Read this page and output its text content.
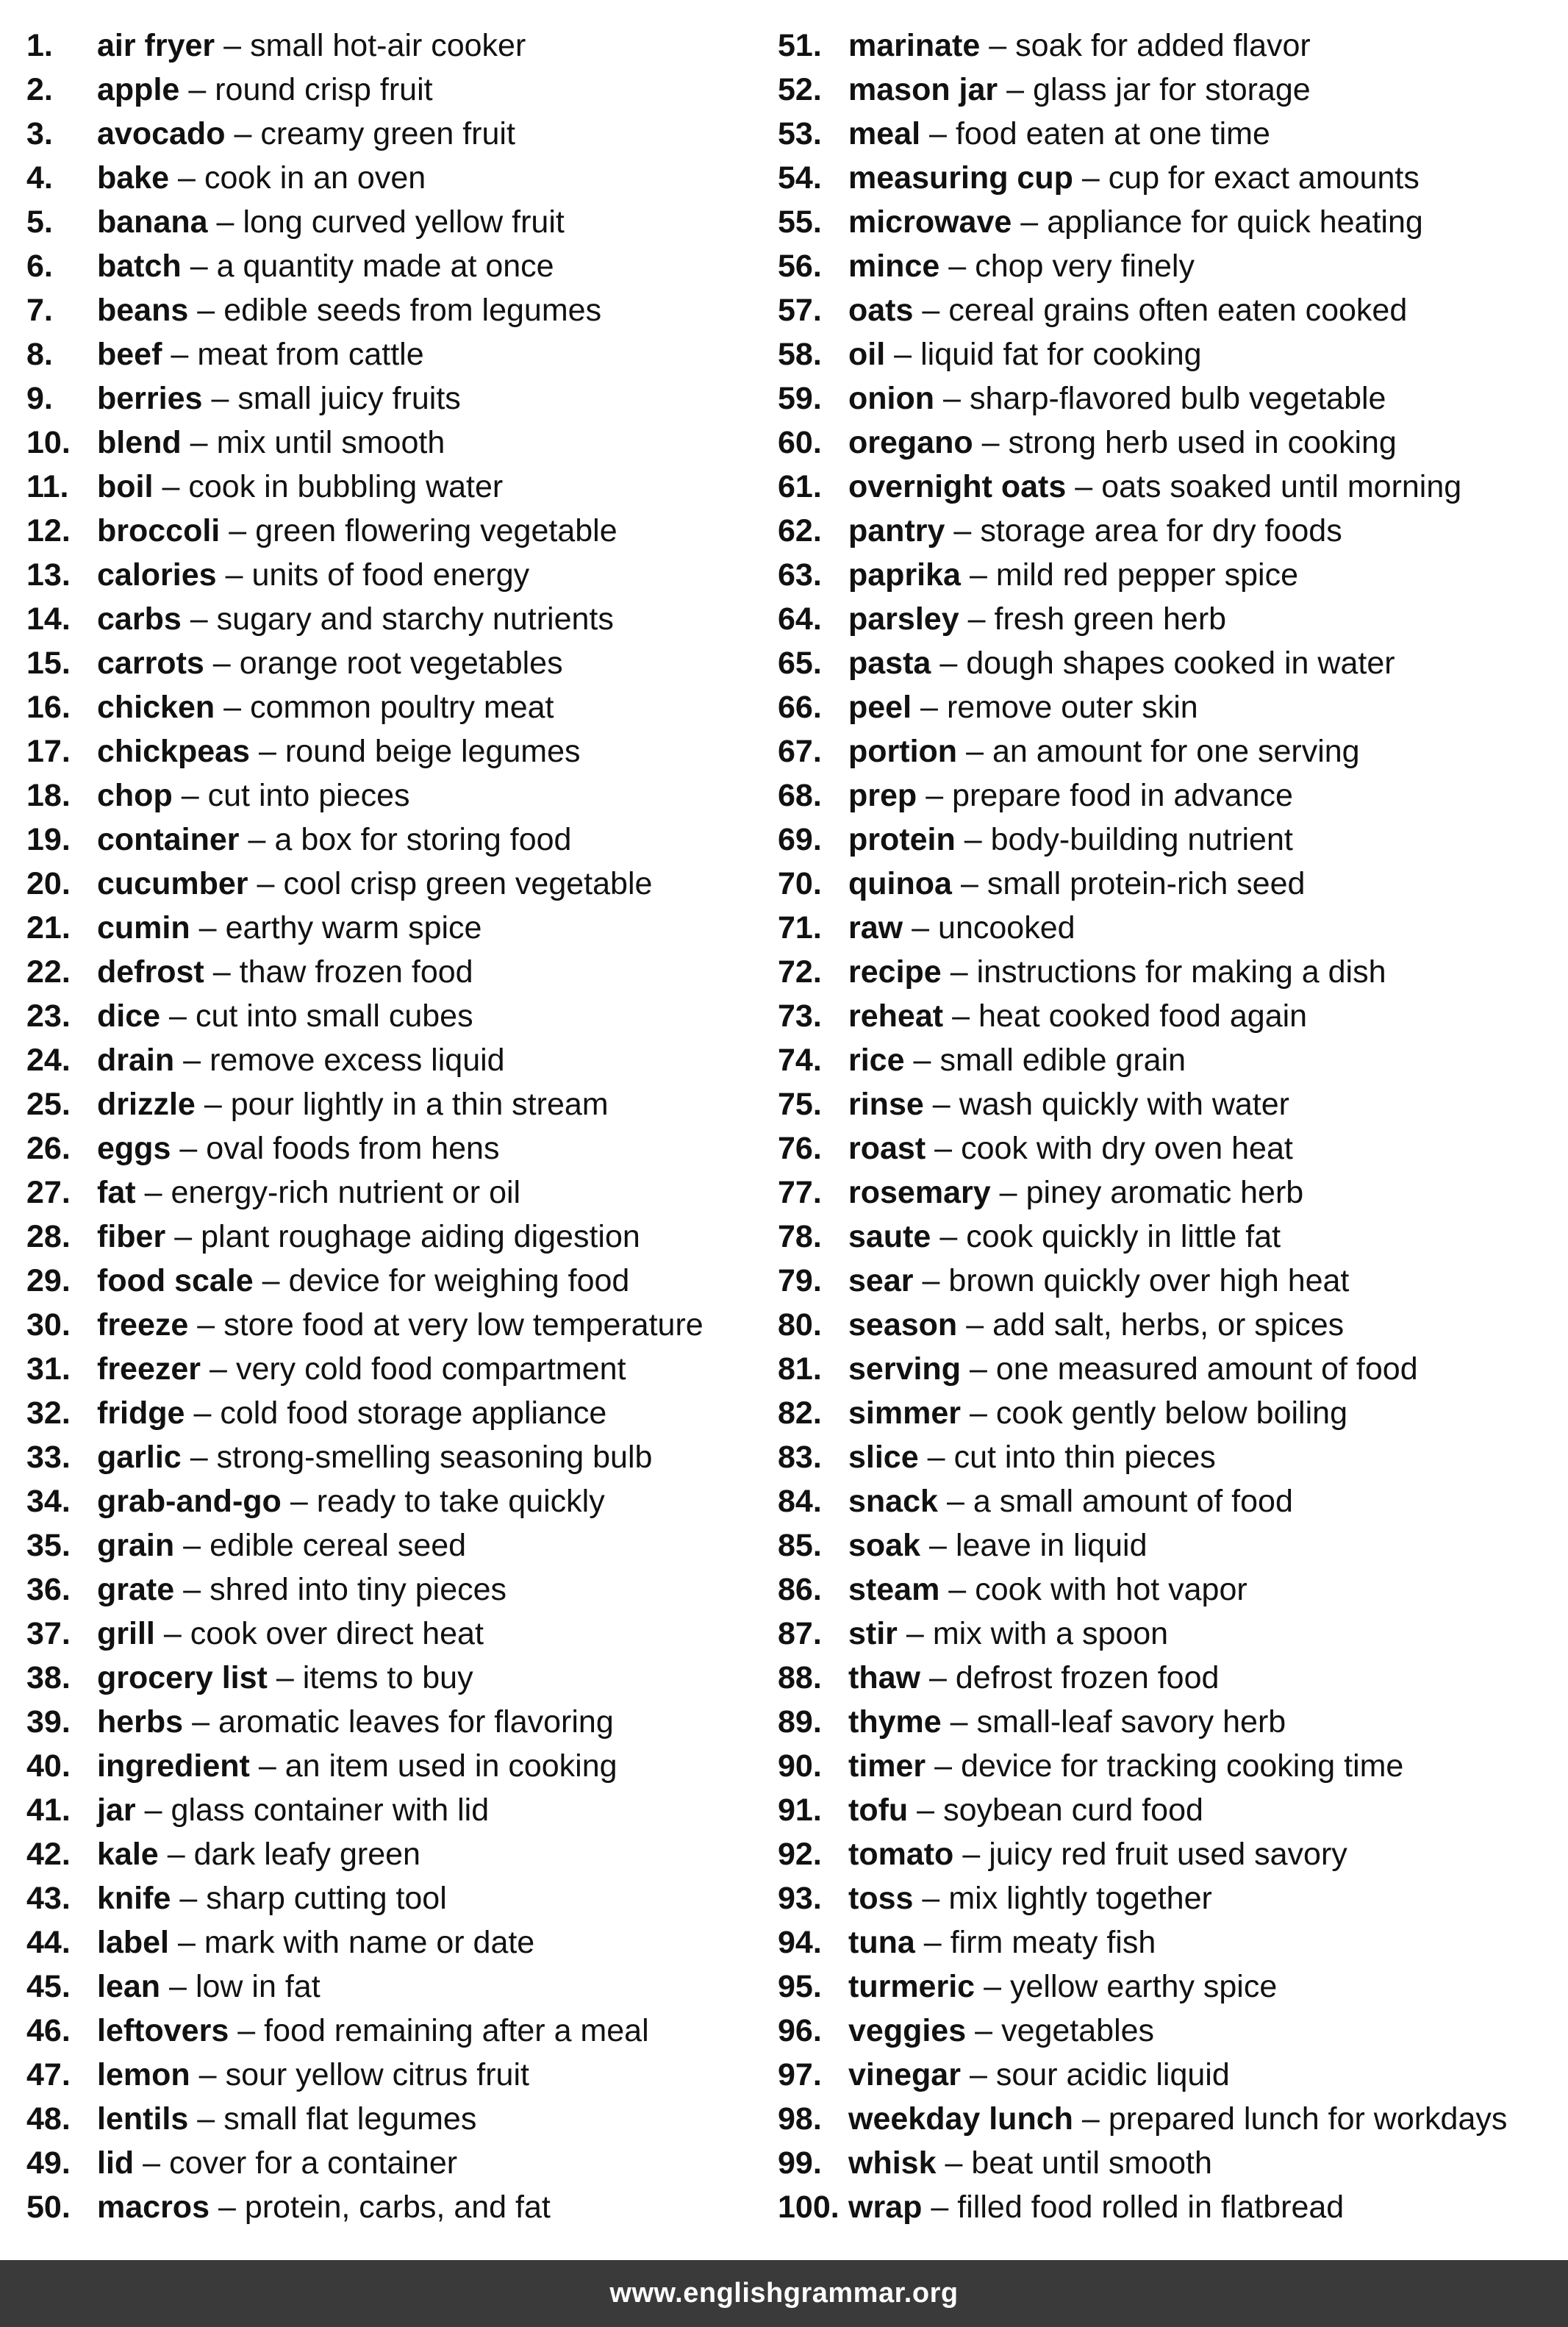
1.	air fryer – small hot-air cooker
2.	apple – round crisp fruit
3.	avocado – creamy green fruit
4.	bake – cook in an oven
5.	banana – long curved yellow fruit
6.	batch – a quantity made at once
7.	beans – edible seeds from legumes
8.	beef – meat from cattle
9.	berries – small juicy fruits
10. blend – mix until smooth
11. boil – cook in bubbling water
12. broccoli – green flowering vegetable
13. calories – units of food energy
14. carbs – sugary and starchy nutrients
15. carrots – orange root vegetables
16. chicken – common poultry meat
17. chickpeas – round beige legumes
18. chop – cut into pieces
19. container – a box for storing food
20. cucumber – cool crisp green vegetable
21. cumin – earthy warm spice
22. defrost – thaw frozen food
23. dice – cut into small cubes
24. drain – remove excess liquid
25. drizzle – pour lightly in a thin stream
26. eggs – oval foods from hens
27. fat – energy-rich nutrient or oil
28. fiber – plant roughage aiding digestion
29. food scale – device for weighing food
30. freeze – store food at very low temperature
31. freezer – very cold food compartment
32. fridge – cold food storage appliance
33. garlic – strong-smelling seasoning bulb
34. grab-and-go – ready to take quickly
35. grain – edible cereal seed
36. grate – shred into tiny pieces
37. grill – cook over direct heat
38. grocery list – items to buy
39. herbs – aromatic leaves for flavoring
40. ingredient – an item used in cooking
41. jar – glass container with lid
42. kale – dark leafy green
43. knife – sharp cutting tool
44. label – mark with name or date
45. lean – low in fat
46. leftovers – food remaining after a meal
47. lemon – sour yellow citrus fruit
48. lentils – small flat legumes
49. lid – cover for a container
50. macros – protein, carbs, and fat
51. marinate – soak for added flavor
52. mason jar – glass jar for storage
53. meal – food eaten at one time
54. measuring cup – cup for exact amounts
55. microwave – appliance for quick heating
56. mince – chop very finely
57. oats – cereal grains often eaten cooked
58. oil – liquid fat for cooking
59. onion – sharp-flavored bulb vegetable
60. oregano – strong herb used in cooking
61. overnight oats – oats soaked until morning
62. pantry – storage area for dry foods
63. paprika – mild red pepper spice
64. parsley – fresh green herb
65. pasta – dough shapes cooked in water
66. peel – remove outer skin
67. portion – an amount for one serving
68. prep – prepare food in advance
69. protein – body-building nutrient
70. quinoa – small protein-rich seed
71. raw – uncooked
72. recipe – instructions for making a dish
73. reheat – heat cooked food again
74. rice – small edible grain
75. rinse – wash quickly with water
76. roast – cook with dry oven heat
77. rosemary – piney aromatic herb
78. saute – cook quickly in little fat
79. sear – brown quickly over high heat
80. season – add salt, herbs, or spices
81. serving – one measured amount of food
82. simmer – cook gently below boiling
83. slice – cut into thin pieces
84. snack – a small amount of food
85. soak – leave in liquid
86. steam – cook with hot vapor
87. stir – mix with a spoon
88. thaw – defrost frozen food
89. thyme – small-leaf savory herb
90. timer – device for tracking cooking time
91. tofu – soybean curd food
92. tomato – juicy red fruit used savory
93. toss – mix lightly together
94. tuna – firm meaty fish
95. turmeric – yellow earthy spice
96. veggies – vegetables
97. vinegar – sour acidic liquid
98. weekday lunch – prepared lunch for workdays
99. whisk – beat until smooth
100. wrap – filled food rolled in flatbread
www.englishgrammar.org
